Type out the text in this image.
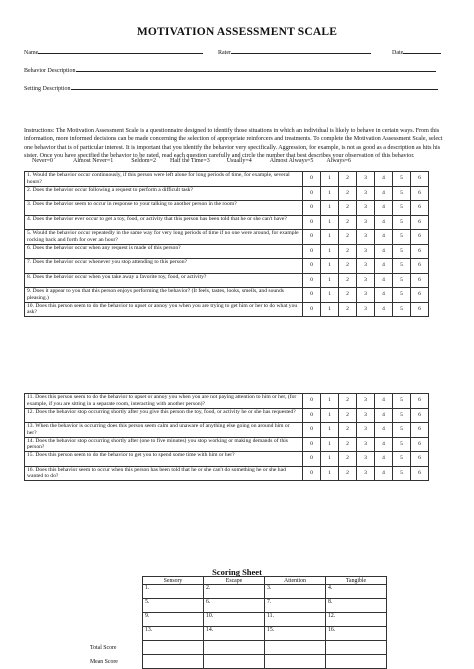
MOTIVATION ASSESSMENT SCALE
Name	Rater	Date
Behavior Description
Setting Description
Instructions: The Motivation Assessment Scale is a questionnaire designed to identify those situations in which an individual is likely to behave in certain ways. From this information, more informed decisions can be made concerning the selection of appropriate reinforcers and treatments. To complete the Motivation Assessment Scale, select one behavior that is of particular interest. It is important that you identify the behavior very specifically. Aggression, for example, is not as good as a description as hits his sister. Once you have specified the behavior to be rated, read each question carefully and circle the number that best describes your observation of this behavior.
Never=0	Almost Never=1	Seldom=2 Half the Time=3	Usually=4	Almost Always=5 Always=6
1. Would the behavior occur continuously, if this person were left alone for long periods of time, for example, several hours?	0	1	2	3	4	5	6
2. Does the behavior occur following a request to perform a difficult task?	0	1	2	3	4	5	6
3. Does the behavior seem to occur in response to your talking to another person in the room?	0	1	2	3	4	5	6
4. Does the behavior ever occur to get a toy, food, or activity that this person has been told that he or she can't have?	0	1	2	3	4	5	6
5. Would the behavior occur repeatedly in the same way for very long periods of time if no one were around, for example rocking back and forth for over an hour?	0	1	2	3	4	5	6
6. Does the behavior occur when any request is made of this person?	0	1	2	3	4	5	6
7. Does the behavior occur whenever you stop attending to this person?	0	1	2	3	4	5	6
8. Does the behavior occur when you take away a favorite toy, food, or activity?	0	1	2	3	4	5	6
9. Does it appear to you that this person enjoys performing the behavior? (It feels, tastes, looks, smells, and sounds pleasing.)	0	1	2	3	4	5	6
10. Does this person seem to do the behavior to upset or annoy you when you are trying to get him or her to do what you ask?	0	1	2	3	4	5	6
11. Does this person seem to do the behavior to upset or annoy you when you are not paying attention to him or her, (for example, if you are sitting in a separate room, interacting with another person)?	0	1	2	3	4	5	6
12. Does the behavior stop occurring shortly after you give this person the toy, food, or activity he or she has requested?	0	1	2	3	4	5	6
13. When the behavior is occurring does this person seem calm and unaware of anything else going on around him or her?	0	1	2	3	4	5	6
14. Does the behavior stop occurring shortly after (one to five minutes) you stop working or making demands of this person?	0	1	2	3	4	5	6
15. Does this person seem to do the behavior to get you to spend some time with him or her?	0	1	2	3	4	5	6
16. Does this behavior seem to occur when this person has been told that he or she can't do something he or she had wanted to do?	0	1	2	3	4	5	6
Scoring Sheet
	Sensory	Escape	Attention	Tangible
	1.	2.	3.	4.
	5.	6.	7.	8.
	9.	10.	11.	12.
	13.	14.	15.	16.
Total Score				
Mean Score				
